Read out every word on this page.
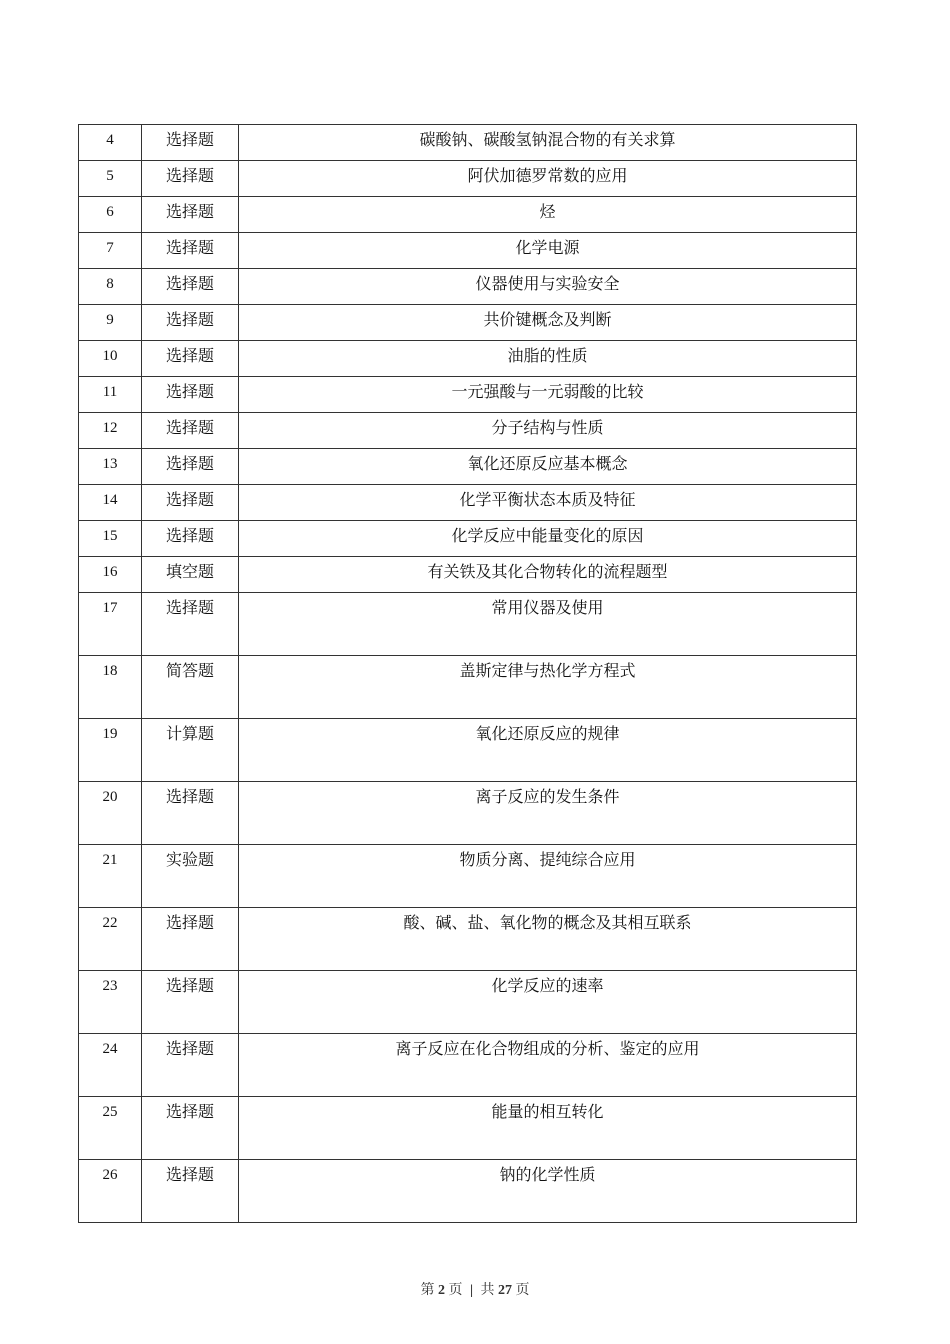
4	选择题	碳酸钠、碳酸氢钠混合物的有关求算
5	选择题	阿伏加德罗常数的应用
6	选择题	烃
7	选择题	化学电源
8	选择题	仪器使用与实验安全
9	选择题	共价键概念及判断
10	选择题	油脂的性质
11	选择题	一元强酸与一元弱酸的比较
12	选择题	分子结构与性质
13	选择题	氧化还原反应基本概念
14	选择题	化学平衡状态本质及特征
15	选择题	化学反应中能量变化的原因
16	填空题	有关铁及其化合物转化的流程题型
17	选择题	常用仪器及使用
18	简答题	盖斯定律与热化学方程式
19	计算题	氧化还原反应的规律
20	选择题	离子反应的发生条件
21	实验题	物质分离、提纯综合应用
22	选择题	酸、碱、盐、氧化物的概念及其相互联系
23	选择题	化学反应的速率
24	选择题	离子反应在化合物组成的分析、鉴定的应用
25	选择题	能量的相互转化
26	选择题	钠的化学性质
第 2 页 | 共 27 页
